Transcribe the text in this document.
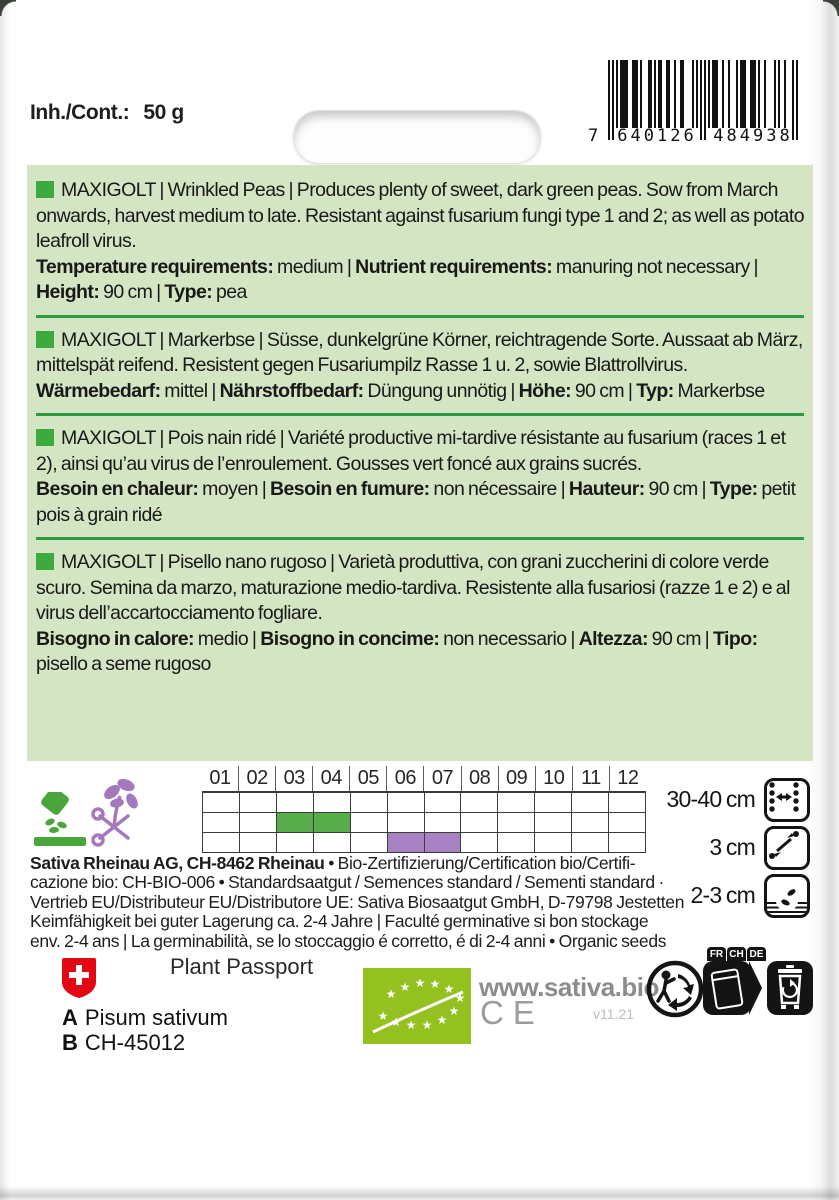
Inh./Cont.: 50 g
7 640126 484938
MAXIGOLT | Wrinkled Peas | Produces plenty of sweet, dark green peas. Sow from March onwards, harvest medium to late. Resistant against fusarium fungi type 1 and 2; as well as potato leafroll virus.
Temperature requirements: medium | Nutrient requirements: manuring not necessary | Height: 90 cm | Type: pea
MAXIGOLT | Markerbse | Süsse, dunkelgrüne Körner, reichtragende Sorte. Aussaat ab März, mittelspät reifend. Resistent gegen Fusariumpilz Rasse 1 u. 2, sowie Blattrollvirus.
Wärmebedarf: mittel | Nährstoffbedarf: Düngung unnötig | Höhe: 90 cm | Typ: Markerbse
MAXIGOLT | Pois nain ridé | Variété productive mi-tardive résistante au fusarium (races 1 et 2), ainsi qu’au virus de l’enroulement. Gousses vert foncé aux grains sucrés.
Besoin en chaleur: moyen | Besoin en fumure: non nécessaire | Hauteur: 90 cm | Type: petit pois à grain ridé
MAXIGOLT | Pisello nano rugoso | Varietà produttiva, con grani zuccherini di colore verde scuro. Semina da marzo, maturazione medio-tardiva. Resistente alla fusariosi (razze 1 e 2) e al virus dell’accartocciamento fogliare.
Bisogno in calore: medio | Bisogno in concime: non necessario | Altezza: 90 cm | Tipo: pisello a seme rugoso
01 02 03 04 05 06 07 08 09 10 11 12
30-40 cm
3 cm
2-3 cm
Sativa Rheinau AG, CH-8462 Rheinau • Bio-Zertifizierung/Certification bio/Certifi-
cazione bio: CH-BIO-006 • Standardsaatgut / Semences standard / Sementi standard ·
Vertrieb EU/Distributeur EU/Distributore UE: Sativa Biosaatgut GmbH, D-79798 Jestetten
Keimfähigkeit bei guter Lagerung ca. 2-4 Jahre | Faculté germinative si bon stockage
env. 2-4 ans | La germinabilità, se lo stoccaggio é corretto, é di 2-4 anni • Organic seeds
Plant Passport
A Pisum sativum
B CH-45012
★ ★ ★ ★ ★
★
★ ★ ★ ★ ★
★
www.sativa.bio
CE	v11.21
FR CH DE
